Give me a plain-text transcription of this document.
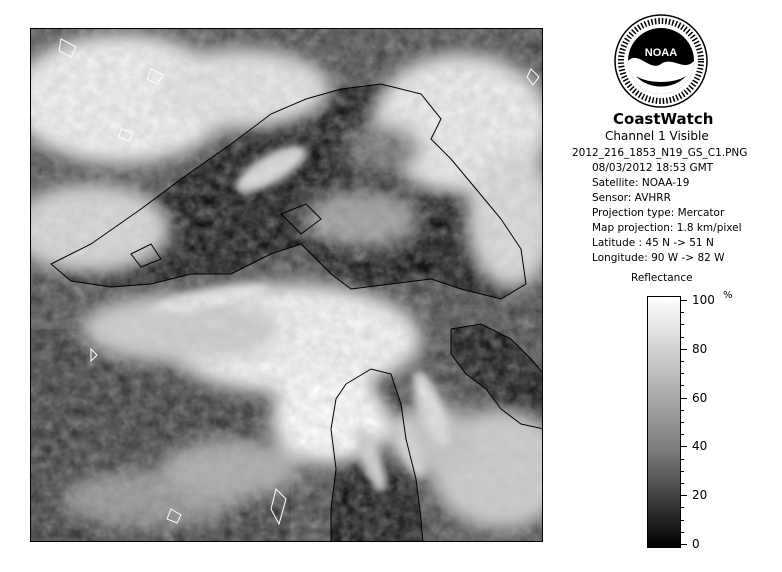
NOAA
CoastWatch
Channel 1 Visible
2012_216_1853_N19_GS_C1.PNG
08/03/2012 18:53 GMT
Satellite: NOAA-19
Sensor: AVHRR
Projection type: Mercator
Map projection: 1.8 km/pixel
Latitude : 45 N -> 51 N
Longitude: 90 W -> 82 W
Reflectance
%
100
80
60
40
20
0
